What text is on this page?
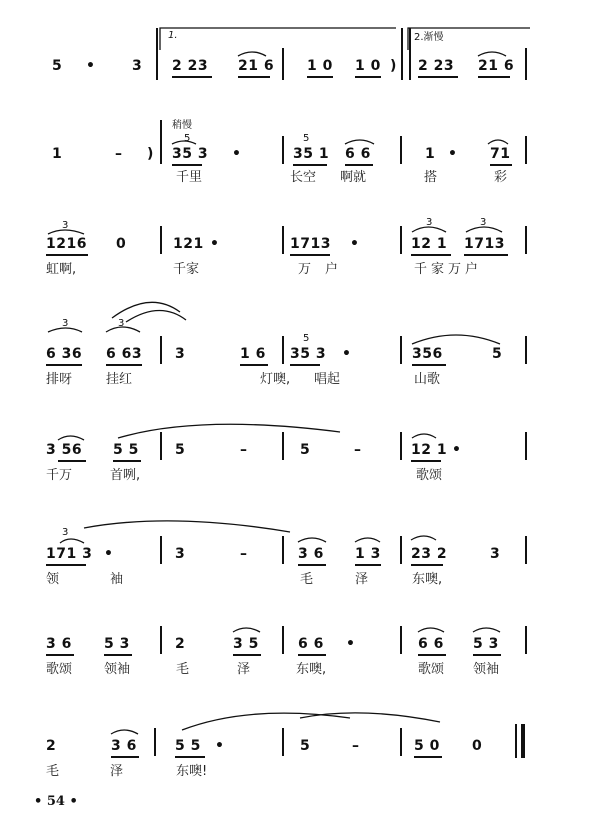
5 •	3
1.
2 23 21 6 1 0 1 0 )
2.渐慢
2 23 21 6
1	– )
稍慢
5
35 3 •
5
35 1 6 6	1 • 71
千里	长空 啊就	搭	彩
3
1216 0	121 •	1713 •
3
12 1
3
1713
虹啊,	千家	万户	千家万户
3
6 36
3
6 63 3	1 6
5
35 3 •	356	5
排呀	挂红	灯噢, 唱起	山歌
3 56 5 5	5	–	5	–	12 1 •
千万	首咧,	歌颂
3
171 3 •	3	–	3 6 1 3 23 2	3
领	袖	毛	泽	东噢,
3 6 5 3	2	3 5	6 6 •	6 6 5 3
歌颂 领袖	毛	泽	东噢,	歌颂 领袖
2	3 6	5 5 •	5	–	5 0 0
毛	泽	东噢!
• 54 •
